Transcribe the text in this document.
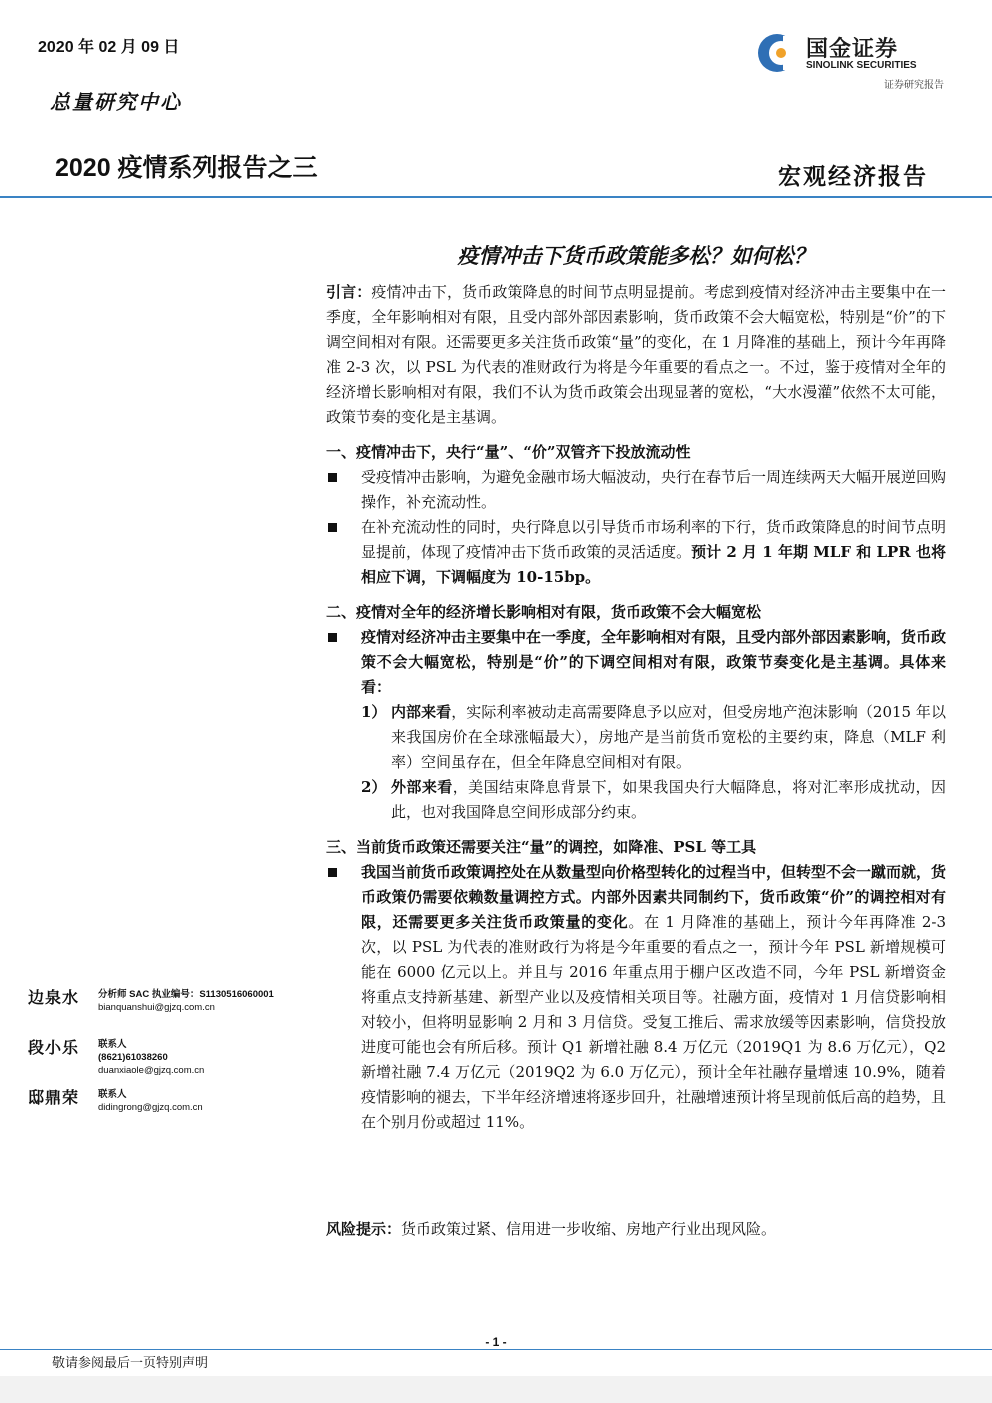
2020 年 02 月 09 日
总量研究中心
2020 疫情系列报告之三	宏观经济报告
国金证券
SINOLINK SECURITIES
证券研究报告
疫情冲击下货币政策能多松？如何松？

引言：疫情冲击下，货币政策降息的时间节点明显提前。考虑到疫情对经济冲击主要集中在一季度，全年影响相对有限，且受内部外部因素影响，货币政策不会大幅宽松，特别是“价”的下调空间相对有限。还需要更多关注货币政策“量”的变化，在 1 月降准的基础上，预计今年再降准 2-3 次，以 PSL 为代表的准财政行为将是今年重要的看点之一。不过，鉴于疫情对全年的经济增长影响相对有限，我们不认为货币政策会出现显著的宽松，“大水漫灌”依然不太可能，政策节奏的变化是主基调。

一、疫情冲击下，央行“量”、“价”双管齐下投放流动性

受疫情冲击影响，为避免金融市场大幅波动，央行在春节后一周连续两天大幅开展逆回购操作，补充流动性。

在补充流动性的同时，央行降息以引导货币市场利率的下行，货币政策降息的时间节点明显提前，体现了疫情冲击下货币政策的灵活适度。预计 2 月 1 年期 MLF 和 LPR 也将相应下调，下调幅度为 10-15bp。

二、疫情对全年的经济增长影响相对有限，货币政策不会大幅宽松

疫情对经济冲击主要集中在一季度，全年影响相对有限，且受内部外部因素影响，货币政策不会大幅宽松，特别是“价”的下调空间相对有限，政策节奏变化是主基调。具体来看：

1） 内部来看，实际利率被动走高需要降息予以应对，但受房地产泡沫影响（2015 年以来我国房价在全球涨幅最大），房地产是当前货币宽松的主要约束，降息（MLF 利率）空间虽存在，但全年降息空间相对有限。

2） 外部来看，美国结束降息背景下，如果我国央行大幅降息，将对汇率形成扰动，因此，也对我国降息空间形成部分约束。

三、当前货币政策还需要关注“量”的调控，如降准、PSL 等工具

我国当前货币政策调控处在从数量型向价格型转化的过程当中，但转型不会一蹴而就，货币政策仍需要依赖数量调控方式。内部外因素共同制约下，货币政策“价”的调控相对有限，还需要更多关注货币政策量的变化。在 1 月降准的基础上，预计今年再降准 2-3 次，以 PSL 为代表的准财政行为将是今年重要的看点之一，预计今年 PSL 新增规模可能在 6000 亿元以上。并且与 2016 年重点用于棚户区改造不同，今年 PSL 新增资金将重点支持新基建、新型产业以及疫情相关项目等。社融方面，疫情对 1 月信贷影响相对较小，但将明显影响 2 月和 3 月信贷。受复工推后、需求放缓等因素影响，信贷投放进度可能也会有所后移。预计 Q1 新增社融 8.4 万亿元（2019Q1 为 8.6 万亿元），Q2 新增社融 7.4 万亿元（2019Q2 为 6.0 万亿元），预计全年社融存量增速 10.9%，随着疫情影响的褪去，下半年经济增速将逐步回升，社融增速预计将呈现前低后高的趋势，且在个别月份或超过 11%。

边泉水 分析师 SAC 执业编号：S1130516060001
bianquanshui@gjzq.com.cn
段小乐 联系人
(8621)61038260
duanxiaole@gjzq.com.cn
邸鼎荣 联系人
didingrong@gjzq.com.cn
风险提示：货币政策过紧、信用进一步收缩、房地产行业出现风险。
- 1 -
敬请参阅最后一页特别声明
